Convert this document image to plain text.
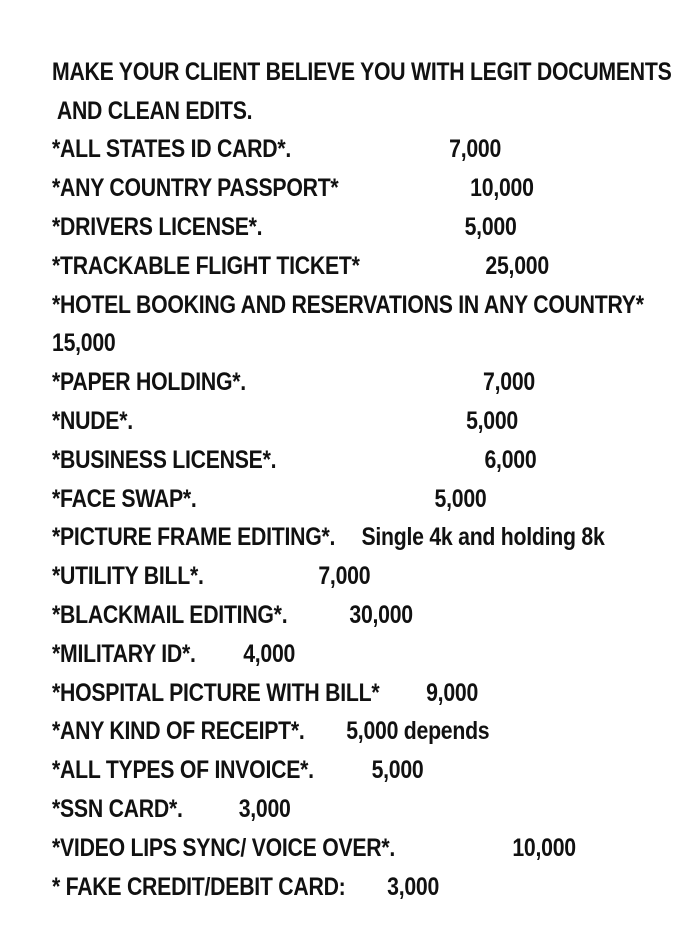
MAKE YOUR CLIENT BELIEVE YOU WITH LEGIT DOCUMENTS

AND CLEAN EDITS.

*ALL STATES ID CARD*.	7,000

*ANY COUNTRY PASSPORT*	10,000

*DRIVERS LICENSE*.	5,000

*TRACKABLE FLIGHT TICKET*	25,000

*HOTEL BOOKING AND RESERVATIONS IN ANY COUNTRY*

15,000

*PAPER HOLDING*.	7,000

*NUDE*.	5,000

*BUSINESS LICENSE*.	6,000

*FACE SWAP*.	5,000

*PICTURE FRAME EDITING*. Single 4k and holding 8k

*UTILITY BILL*.	7,000

*BLACKMAIL EDITING*. 30,000

*MILITARY ID*. 4,000

*HOSPITAL PICTURE WITH BILL* 9,000

*ANY KIND OF RECEIPT*. 5,000 depends

*ALL TYPES OF INVOICE*. 5,000

*SSN CARD*. 3,000

*VIDEO LIPS SYNC/ VOICE OVER*.	10,000

* FAKE CREDIT/DEBIT CARD: 3,000
